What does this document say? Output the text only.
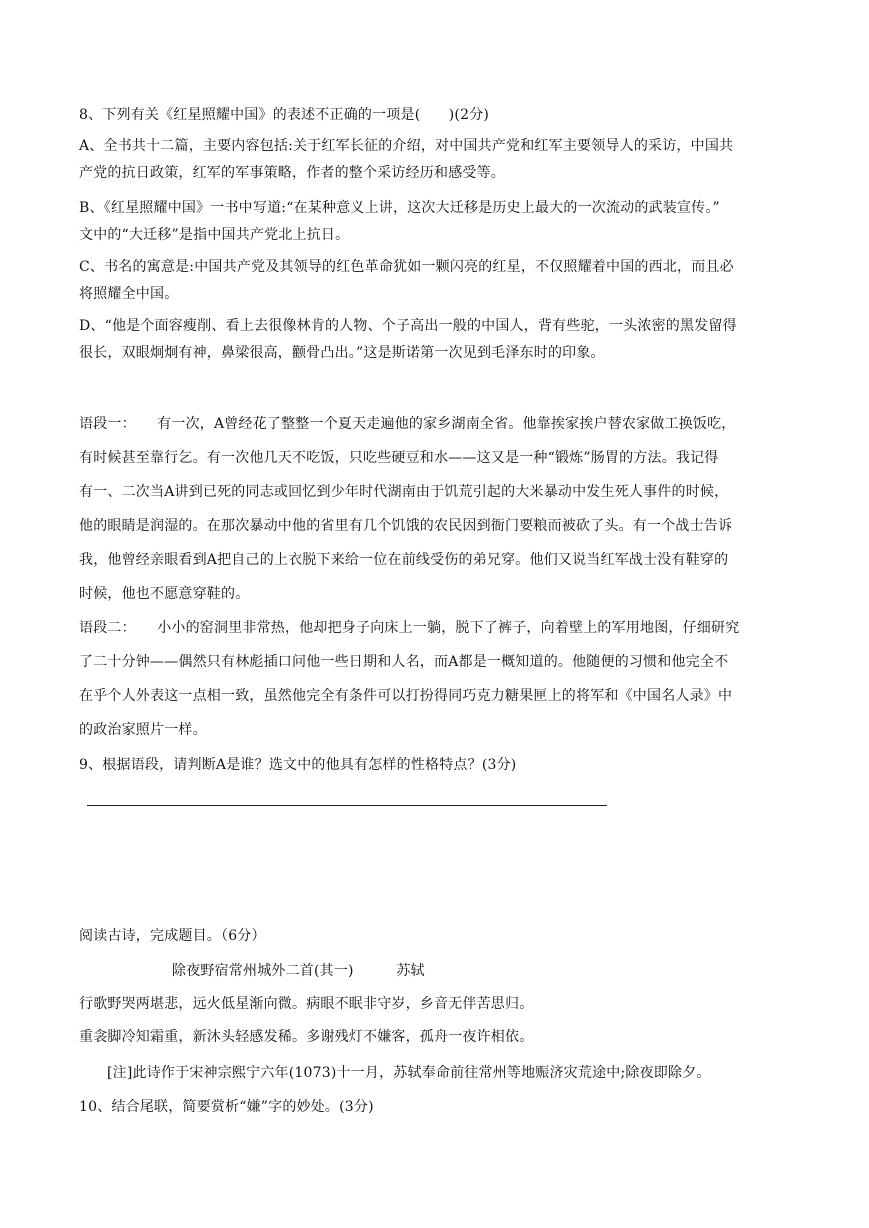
8、下列有关《红星照耀中国》的表述不正确的一项是(　　)(2分)
A、全书共十二篇，主要内容包括:关于红军长征的介绍，对中国共产党和红军主要领导人的采访，中国共
产党的抗日政策，红军的军事策略，作者的整个采访经历和感受等。
B、《红星照耀中国》一书中写道:“在某种意义上讲，这次大迁移是历史上最大的一次流动的武装宣传。”
文中的“大迁移”是指中国共产党北上抗日。
C、书名的寓意是:中国共产党及其领导的红色革命犹如一颗闪亮的红星，不仅照耀着中国的西北，而且必
将照耀全中国。
D、“他是个面容瘦削、看上去很像林肯的人物、个子高出一般的中国人，背有些驼，一头浓密的黑发留得
很长，双眼炯炯有神，鼻梁很高，颧骨凸出。”这是斯诺第一次见到毛泽东时的印象。
语段一：　　有一次，A曾经花了整整一个夏天走遍他的家乡湖南全省。他靠挨家挨户替农家做工换饭吃，
有时候甚至靠行乞。有一次他几天不吃饭，只吃些硬豆和水——这又是一种“锻炼”肠胃的方法。我记得
有一、二次当A讲到已死的同志或回忆到少年时代湖南由于饥荒引起的大米暴动中发生死人事件的时候，
他的眼睛是润湿的。在那次暴动中他的省里有几个饥饿的农民因到衙门要粮而被砍了头。有一个战士告诉
我，他曾经亲眼看到A把自己的上衣脱下来给一位在前线受伤的弟兄穿。他们又说当红军战士没有鞋穿的
时候，他也不愿意穿鞋的。
语段二：　　小小的窑洞里非常热，他却把身子向床上一躺，脱下了裤子，向着壁上的军用地图，仔细研究
了二十分钟——偶然只有林彪插口问他一些日期和人名，而A都是一概知道的。他随便的习惯和他完全不
在乎个人外表这一点相一致，虽然他完全有条件可以打扮得同巧克力糖果匣上的将军和《中国名人录》中
的政治家照片一样。
9、根据语段，请判断A是谁？选文中的他具有怎样的性格特点？(3分)
阅读古诗，完成题目。（6分）
除夜野宿常州城外二首(其一)　　　苏轼
行歌野哭两堪悲，远火低星渐向微。病眼不眠非守岁，乡音无伴苦思归。
重衾脚冷知霜重，新沐头轻感发稀。多谢残灯不嫌客，孤舟一夜许相依。
[注]此诗作于宋神宗熙宁六年(1073)十一月，苏轼奉命前往常州等地赈济灾荒途中;除夜即除夕。
10、结合尾联，简要赏析“嫌”字的妙处。(3分)
